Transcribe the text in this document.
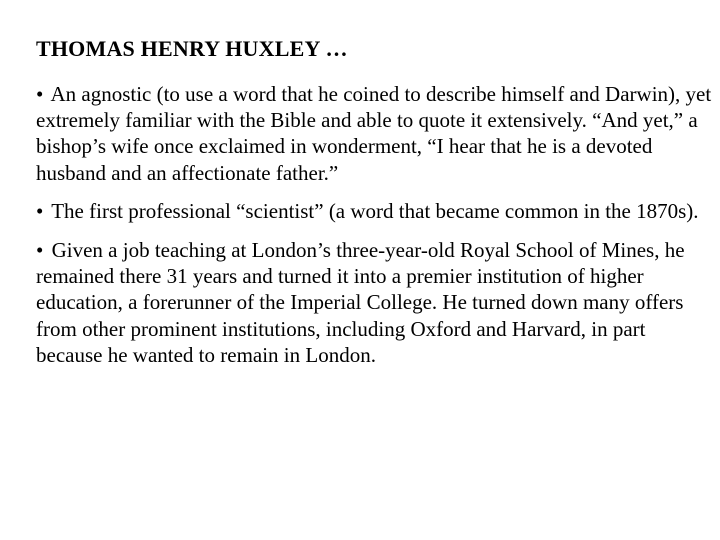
THOMAS HENRY HUXLEY …
• An agnostic (to use a word that he coined to describe himself and Darwin), yet extremely familiar with the Bible and able to quote it extensively. “And yet,” a bishop’s wife once exclaimed in wonderment, “I hear that he is a devoted husband and an affectionate father.”
• The first professional “scientist” (a word that became common in the 1870s).
• Given a job teaching at London’s three-year-old Royal School of Mines, he remained there 31 years and turned it into a premier institution of higher education, a forerunner of the Imperial College. He turned down many offers from other prominent institutions, including Oxford and Harvard, in part because he wanted to remain in London.
